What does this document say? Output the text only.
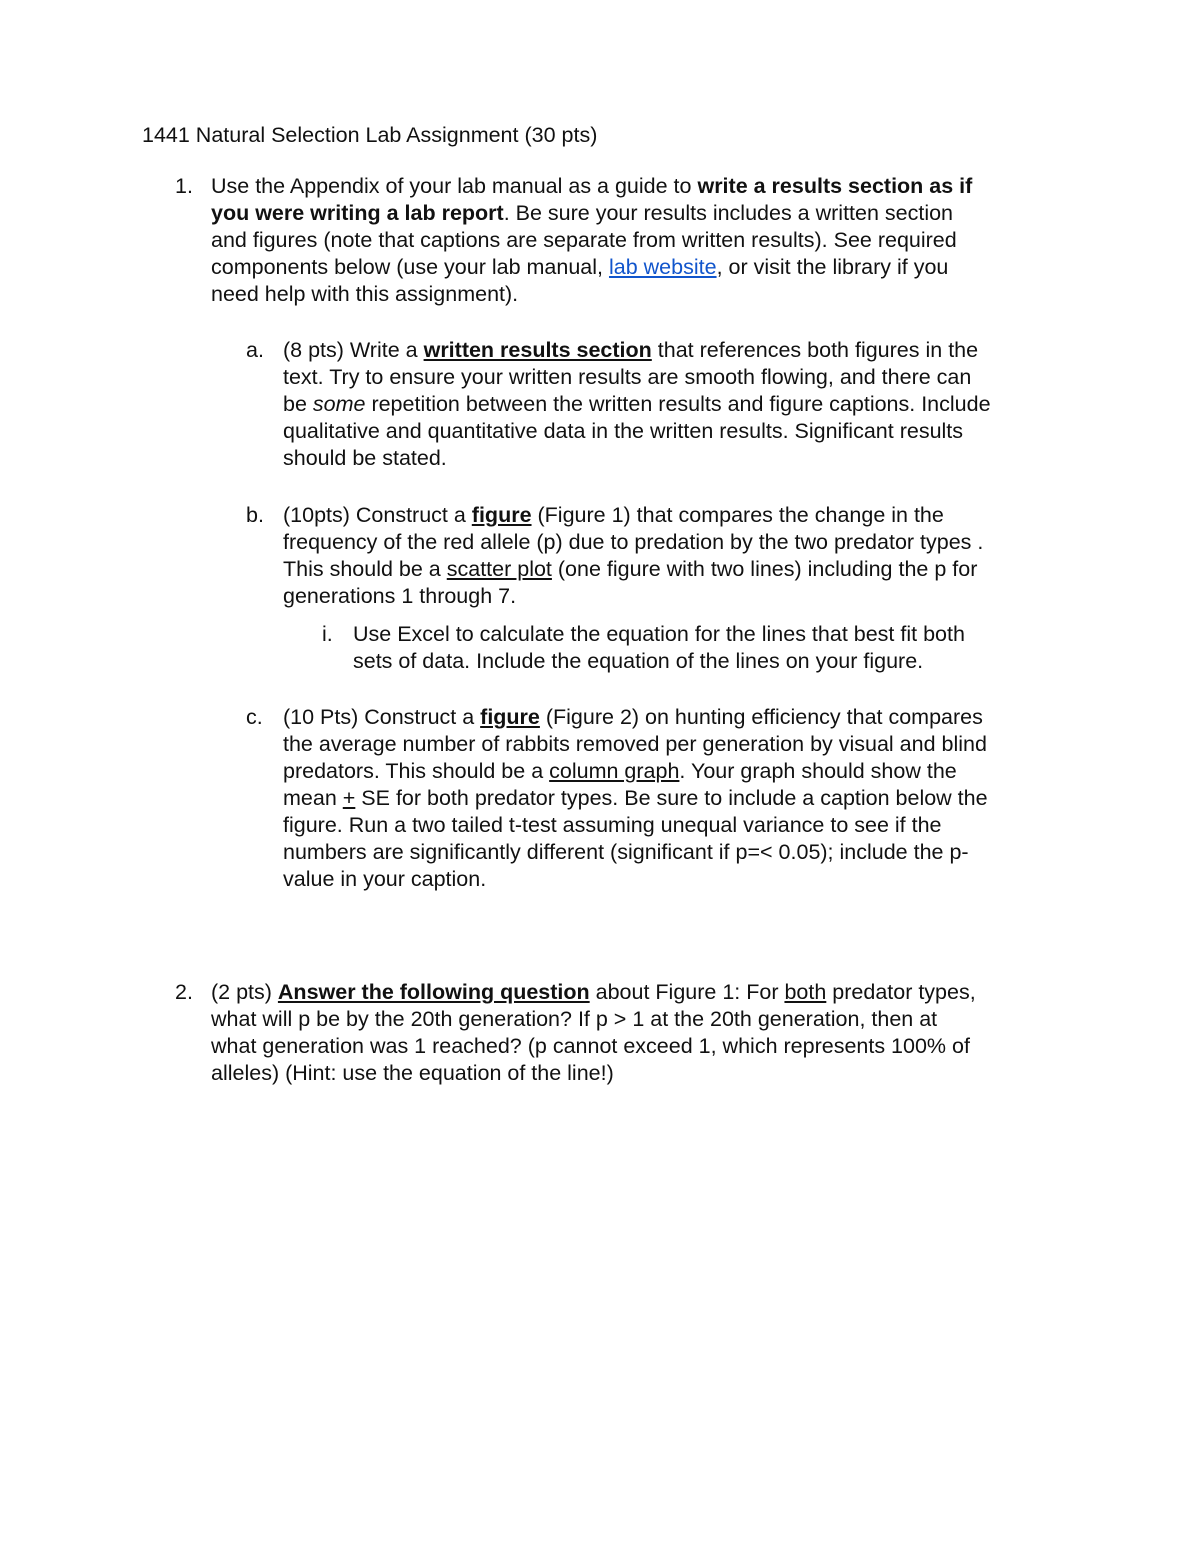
1441 Natural Selection Lab Assignment (30 pts)
1. Use the Appendix of your lab manual as a guide to write a results section as if
you were writing a lab report. Be sure your results includes a written section
and figures (note that captions are separate from written results). See required
components below (use your lab manual, lab website, or visit the library if you
need help with this assignment).
a. (8 pts) Write a written results section that references both figures in the
text. Try to ensure your written results are smooth flowing, and there can
be some repetition between the written results and figure captions. Include
qualitative and quantitative data in the written results. Significant results
should be stated.
b. (10pts) Construct a figure (Figure 1) that compares the change in the
frequency of the red allele (p) due to predation by the two predator types .
This should be a scatter plot (one figure with two lines) including the p for
generations 1 through 7.
i. Use Excel to calculate the equation for the lines that best fit both
sets of data. Include the equation of the lines on your figure.
c. (10 Pts) Construct a figure (Figure 2) on hunting efficiency that compares
the average number of rabbits removed per generation by visual and blind
predators. This should be a column graph. Your graph should show the
mean + SE for both predator types. Be sure to include a caption below the
figure. Run a two tailed t-test assuming unequal variance to see if the
numbers are significantly different (significant if p=< 0.05); include the p-
value in your caption.
2. (2 pts) Answer the following question about Figure 1: For both predator types,
what will p be by the 20th generation? If p > 1 at the 20th generation, then at
what generation was 1 reached? (p cannot exceed 1, which represents 100% of
alleles) (Hint: use the equation of the line!)
